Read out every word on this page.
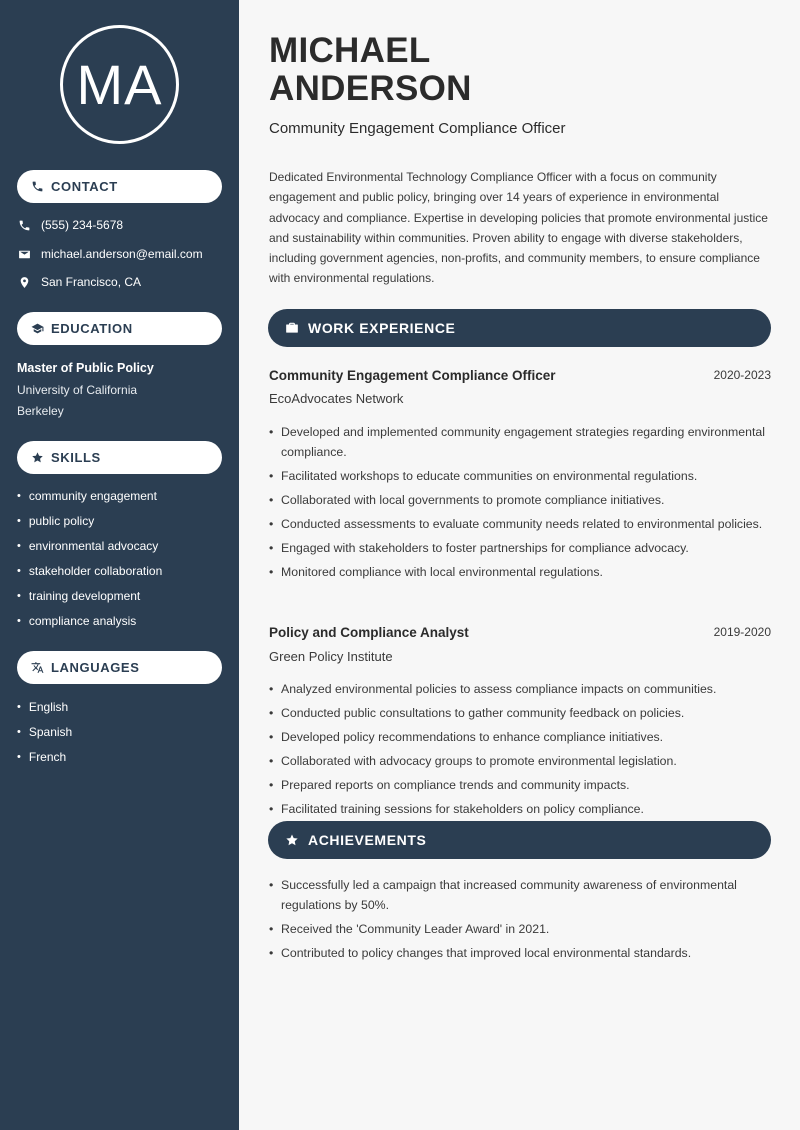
MA
CONTACT
(555) 234-5678
michael.anderson@email.com
San Francisco, CA
EDUCATION
Master of Public Policy
University of California
Berkeley
SKILLS
• community engagement
• public policy
• environmental advocacy
• stakeholder collaboration
• training development
• compliance analysis
LANGUAGES
• English
• Spanish
• French
MICHAEL
ANDERSON
Community Engagement Compliance Officer
Dedicated Environmental Technology Compliance Officer with a focus on community engagement and public policy, bringing over 14 years of experience in environmental advocacy and compliance. Expertise in developing policies that promote environmental justice and sustainability within communities. Proven ability to engage with diverse stakeholders, including government agencies, non-profits, and community members, to ensure compliance with environmental regulations.
WORK EXPERIENCE
Community Engagement Compliance Officer	2020-2023
EcoAdvocates Network
• Developed and implemented community engagement strategies regarding environmental compliance.
• Facilitated workshops to educate communities on environmental regulations.
• Collaborated with local governments to promote compliance initiatives.
• Conducted assessments to evaluate community needs related to environmental policies.
• Engaged with stakeholders to foster partnerships for compliance advocacy.
• Monitored compliance with local environmental regulations.
Policy and Compliance Analyst	2019-2020
Green Policy Institute
• Analyzed environmental policies to assess compliance impacts on communities.
• Conducted public consultations to gather community feedback on policies.
• Developed policy recommendations to enhance compliance initiatives.
• Collaborated with advocacy groups to promote environmental legislation.
• Prepared reports on compliance trends and community impacts.
• Facilitated training sessions for stakeholders on policy compliance.
ACHIEVEMENTS
• Successfully led a campaign that increased community awareness of environmental regulations by 50%.
• Received the 'Community Leader Award' in 2021.
• Contributed to policy changes that improved local environmental standards.
